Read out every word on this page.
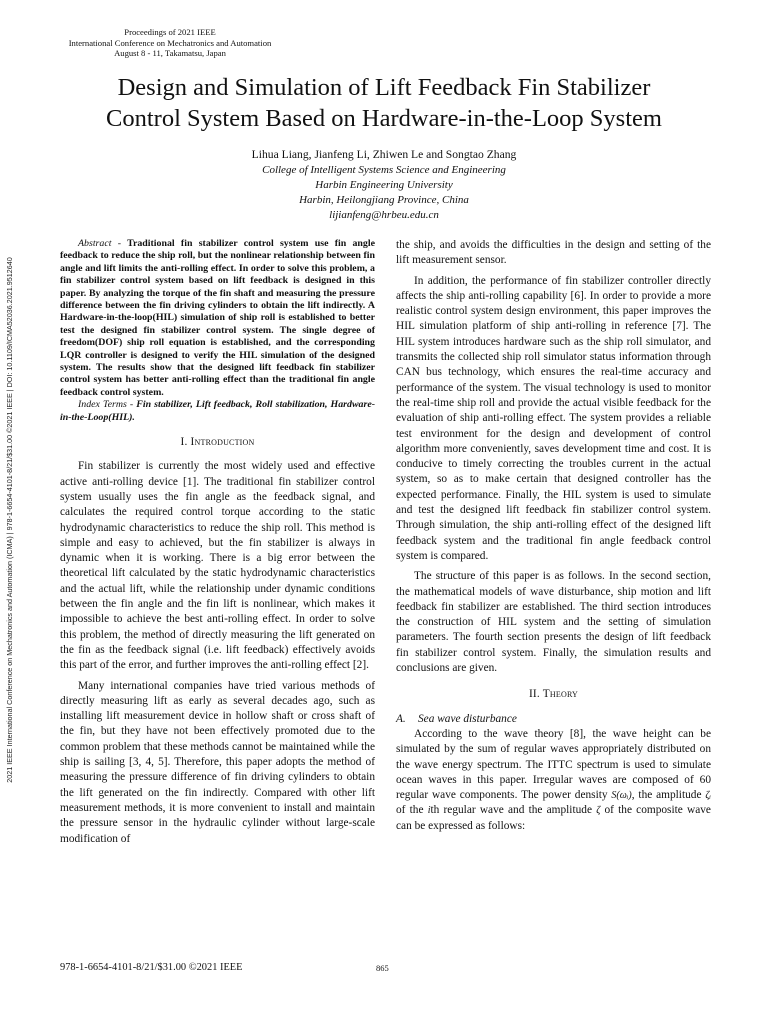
Proceedings of 2021 IEEE
International Conference on Mechatronics and Automation
August 8 - 11, Takamatsu, Japan
Design and Simulation of Lift Feedback Fin Stabilizer
Control System Based on Hardware-in-the-Loop System
Lihua Liang, Jianfeng Li, Zhiwen Le and Songtao Zhang
College of Intelligent Systems Science and Engineering
Harbin Engineering University
Harbin, Heilongjiang Province, China
lijianfeng@hrbeu.edu.cn
2021 IEEE International Conference on Mechatronics and Automation (ICMA) | 978-1-6654-4101-8/21/$31.00 ©2021 IEEE | DOI: 10.1109/ICMA52036.2021.9512640

Abstract - Traditional fin stabilizer control system use fin angle feedback to reduce the ship roll, but the nonlinear relationship between fin angle and lift limits the anti-rolling effect. In order to solve this problem, a fin stabilizer control system based on lift feedback is designed in this paper. By analyzing the torque of the fin shaft and measuring the pressure difference between the fin driving cylinders to obtain the lift indirectly. A Hardware-in-the-loop(HIL) simulation of ship roll is established to better test the designed fin stabilizer control system. The single degree of freedom(DOF) ship roll equation is established, and the corresponding LQR controller is designed to verify the HIL simulation of the designed system. The results show that the designed lift feedback fin stabilizer control system has better anti-rolling effect than the traditional fin angle feedback control system.

Index Terms - Fin stabilizer, Lift feedback, Roll stabilization, Hardware-in-the-Loop(HIL).

I. Introduction

Fin stabilizer is currently the most widely used and effective active anti-rolling device [1]. The traditional fin stabilizer control system usually uses the fin angle as the feedback signal, and calculates the required control torque according to the static hydrodynamic characteristics to reduce the ship roll. This method is simple and easy to achieved, but the fin stabilizer is always in dynamic when it is working. There is a big error between the theoretical lift calculated by the static hydrodynamic characteristics and the actual lift, while the relationship under dynamic conditions between the fin angle and the fin lift is nonlinear, which makes it impossible to achieve the best anti-rolling effect. In order to solve this problem, the method of directly measuring the lift generated on the fin as the feedback signal (i.e. lift feedback) effectively avoids this part of the error, and further improves the anti-rolling effect [2].

Many international companies have tried various methods of directly measuring lift as early as several decades ago, such as installing lift measurement device in hollow shaft or cross shaft of the fin, but they have not been effectively promoted due to the common problem that these methods cannot be maintained while the ship is sailing [3, 4, 5]. Therefore, this paper adopts the method of measuring the pressure difference of fin driving cylinders to obtain the lift generated on the fin indirectly. Compared with other lift measurement methods, it is more convenient to install and maintain the pressure sensor in the hydraulic cylinder without large-scale modification of

the ship, and avoids the difficulties in the design and setting of the lift measurement sensor.

In addition, the performance of fin stabilizer controller directly affects the ship anti-rolling capability [6]. In order to provide a more realistic control system design environment, this paper improves the HIL simulation platform of ship anti-rolling in reference [7]. The HIL system introduces hardware such as the ship roll simulator, and transmits the collected ship roll simulator status information through CAN bus technology, which ensures the real-time accuracy and performance of the system. The visual technology is used to monitor the real-time ship roll and provide the actual visible feedback for the evaluation of ship anti-rolling effect. The system provides a reliable test environment for the design and development of control algorithm more conveniently, saves development time and cost. It is conducive to timely correcting the troubles current in the actual system, so as to make certain that designed controller has the expected performance. Finally, the HIL system is used to simulate and test the designed lift feedback fin stabilizer control system. Through simulation, the ship anti-rolling effect of the designed lift feedback system and the traditional fin angle feedback control system is compared.

The structure of this paper is as follows. In the second section, the mathematical models of wave disturbance, ship motion and lift feedback fin stabilizer are established. The third section introduces the construction of HIL system and the setting of simulation parameters. The fourth section presents the design of lift feedback fin stabilizer control system. Finally, the simulation results and conclusions are given.

II. Theory

A. Sea wave disturbance

According to the wave theory [8], the wave height can be simulated by the sum of regular waves appropriately distributed on the wave energy spectrum. The ITTC spectrum is used to simulate ocean waves in this paper. Irregular waves are composed of 60 regular wave components. The power density S(ωᵢ), the amplitude ζᵢ of the ith regular wave and the amplitude ζ of the composite wave can be expressed as follows:

978-1-6654-4101-8/21/$31.00 ©2021 IEEE	865
